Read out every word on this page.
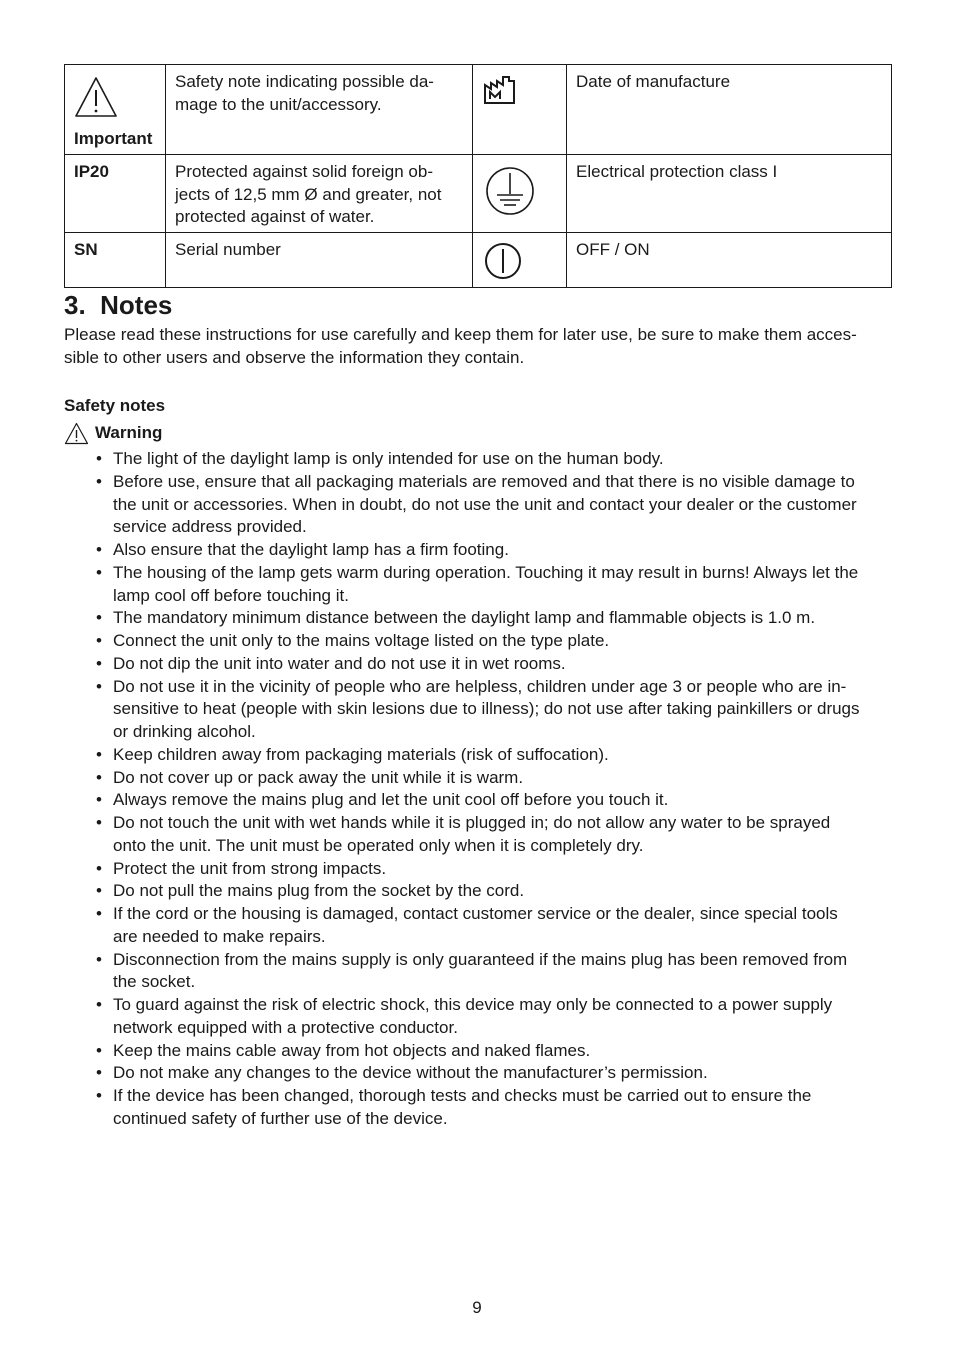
Important	Safety note indicating possible da-
mage to the unit/accessory.		Date of manufacture
IP20	Protected against solid foreign ob-
jects of 12,5 mm Ø and greater, not
protected against of water.		Electrical protection class I
SN	Serial number		OFF / ON
3.  Notes

Please read these instructions for use carefully and keep them for later use, be sure to make them acces-
sible to other users and observe the information they contain.

Safety notes
Warning
• The light of the daylight lamp is only intended for use on the human body.
• Before use, ensure that all packaging materials are removed and that there is no visible damage to
the unit or accessories. When in doubt, do not use the unit and contact your dealer or the customer
service address provided.
• Also ensure that the daylight lamp has a firm footing.
• The housing of the lamp gets warm during operation. Touching it may result in burns! Always let the
lamp cool off before touching it.
• The mandatory minimum distance between the daylight lamp and flammable objects is 1.0 m.
• Connect the unit only to the mains voltage listed on the type plate.
• Do not dip the unit into water and do not use it in wet rooms.
• Do not use it in the vicinity of people who are helpless, children under age 3 or people who are in-
sensitive to heat (people with skin lesions due to illness); do not use after taking painkillers or drugs
or drinking alcohol.
• Keep children away from packaging materials (risk of suffocation).
• Do not cover up or pack away the unit while it is warm.
• Always remove the mains plug and let the unit cool off before you touch it.
• Do not touch the unit with wet hands while it is plugged in; do not allow any water to be sprayed
onto the unit. The unit must be operated only when it is completely dry.
• Protect the unit from strong impacts.
• Do not pull the mains plug from the socket by the cord.
• If the cord or the housing is damaged, contact customer service or the dealer, since special tools
are needed to make repairs.
• Disconnection from the mains supply is only guaranteed if the mains plug has been removed from
the socket.
• To guard against the risk of electric shock, this device may only be connected to a power supply
network equipped with a protective conductor.
• Keep the mains cable away from hot objects and naked flames.
• Do not make any changes to the device without the manufacturer’s permission.
• If the device has been changed, thorough tests and checks must be carried out to ensure the
continued safety of further use of the device.
9
